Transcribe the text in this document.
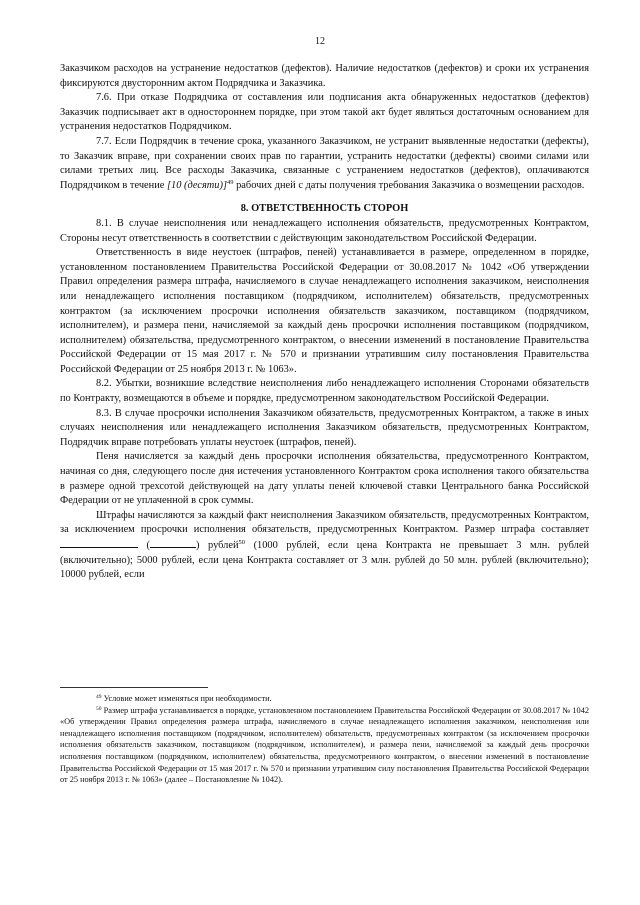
12

Заказчиком расходов на устранение недостатков (дефектов). Наличие недостатков (дефектов) и сроки их устранения фиксируются двусторонним актом Подрядчика и Заказчика.

7.6. При отказе Подрядчика от составления или подписания акта обнаруженных недостатков (дефектов) Заказчик подписывает акт в одностороннем порядке, при этом такой акт будет являться достаточным основанием для устранения недостатков Подрядчиком.

7.7. Если Подрядчик в течение срока, указанного Заказчиком, не устранит выявленные недостатки (дефекты), то Заказчик вправе, при сохранении своих прав по гарантии, устранить недостатки (дефекты) своими силами или силами третьих лиц. Все расходы Заказчика, связанные с устранением недостатков (дефектов), оплачиваются Подрядчиком в течение [10 (десяти)]$^{49}$ рабочих дней с даты получения требования Заказчика о возмещении расходов.

8. ОТВЕТСТВЕННОСТЬ СТОРОН

8.1. В случае неисполнения или ненадлежащего исполнения обязательств, предусмотренных Контрактом, Стороны несут ответственность в соответствии с действующим законодательством Российской Федерации.

Ответственность в виде неустоек (штрафов, пеней) устанавливается в размере, определенном в порядке, установленном постановлением Правительства Российской Федерации от 30.08.2017 № 1042 «Об утверждении Правил определения размера штрафа, начисляемого в случае ненадлежащего исполнения заказчиком, неисполнения или ненадлежащего исполнения поставщиком (подрядчиком, исполнителем) обязательств, предусмотренных контрактом (за исключением просрочки исполнения обязательств заказчиком, поставщиком (подрядчиком, исполнителем), и размера пени, начисляемой за каждый день просрочки исполнения поставщиком (подрядчиком, исполнителем) обязательства, предусмотренного контрактом, о внесении изменений в постановление Правительства Российской Федерации от 15 мая 2017 г. № 570 и признании утратившим силу постановления Правительства Российской Федерации от 25 ноября 2013 г. № 1063».

8.2. Убытки, возникшие вследствие неисполнения либо ненадлежащего исполнения Сторонами обязательств по Контракту, возмещаются в объеме и порядке, предусмотренном законодательством Российской Федерации.

8.3. В случае просрочки исполнения Заказчиком обязательств, предусмотренных Контрактом, а также в иных случаях неисполнения или ненадлежащего исполнения Заказчиком обязательств, предусмотренных Контрактом, Подрядчик вправе потребовать уплаты неустоек (штрафов, пеней).

Пеня начисляется за каждый день просрочки исполнения обязательства, предусмотренного Контрактом, начиная со дня, следующего после дня истечения установленного Контрактом срока исполнения такого обязательства в размере одной трехсотой действующей на дату уплаты пеней ключевой ставки Центрального банка Российской Федерации от не уплаченной в срок суммы.

Штрафы начисляются за каждый факт неисполнения Заказчиком обязательств, предусмотренных Контрактом, за исключением просрочки исполнения обязательств, предусмотренных Контрактом. Размер штрафа составляет  (	) рублей$^{50}$ (1000 рублей, если цена Контракта не превышает 3 млн. рублей (включительно); 5000 рублей, если цена Контракта составляет от 3 млн. рублей до 50 млн. рублей (включительно); 10000 рублей, если

$^{49}$ Условие может изменяться при необходимости.

$^{50}$ Размер штрафа устанавливается в порядке, установленном постановлением Правительства Российской Федерации от 30.08.2017 № 1042 «Об утверждении Правил определения размера штрафа, начисляемого в случае ненадлежащего исполнения заказчиком, неисполнения или ненадлежащего исполнения поставщиком (подрядчиком, исполнителем) обязательств, предусмотренных контрактом (за исключением просрочки исполнения обязательств заказчиком, поставщиком (подрядчиком, исполнителем), и размера пени, начисляемой за каждый день просрочки исполнения поставщиком (подрядчиком, исполнителем) обязательства, предусмотренного контрактом, о внесении изменений в постановление Правительства Российской Федерации от 15 мая 2017 г. № 570 и признании утратившим силу постановления Правительства Российской Федерации от 25 ноября 2013 г. № 1063» (далее – Постановление № 1042).
